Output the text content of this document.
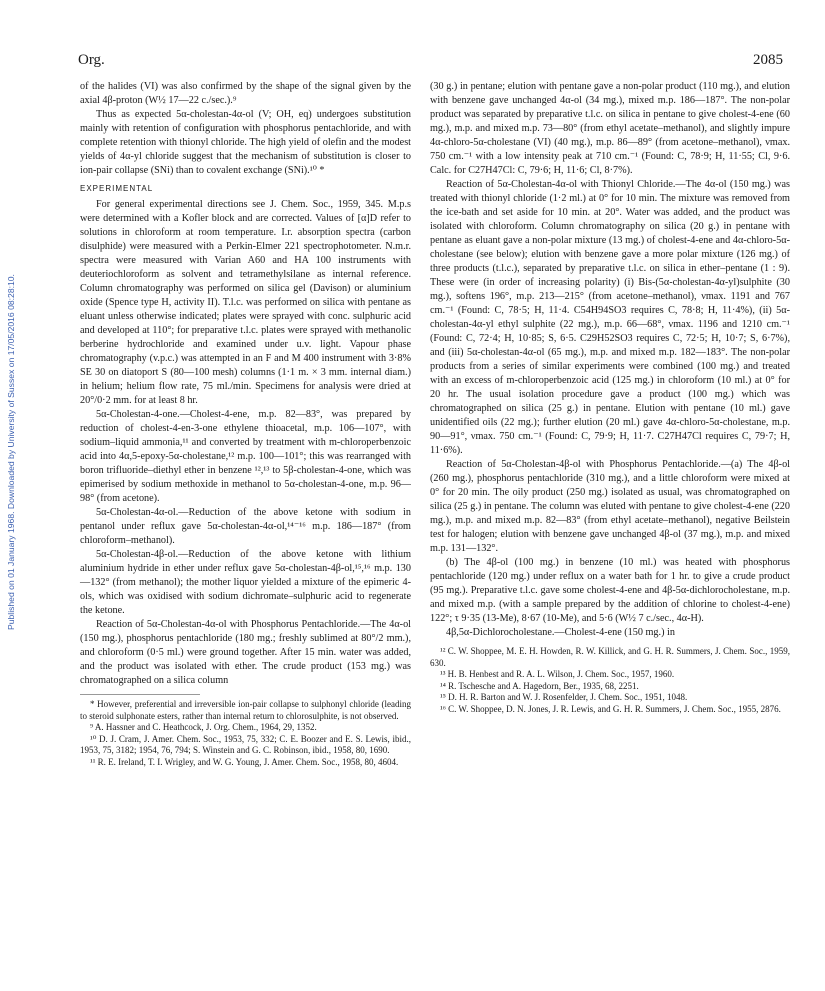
Org.	2085
Published on 01 January 1968. Downloaded by University of Sussex on 17/05/2016 08:28:10.

of the halides (VI) was also confirmed by the shape of the signal given by the axial 4β-proton (W½ 17—22 c./sec.).⁹

Thus as expected 5α-cholestan-4α-ol (V; OH, eq) undergoes substitution mainly with retention of configuration with phosphorus pentachloride, and with complete retention with thionyl chloride. The high yield of olefin and the modest yields of 4α-yl chloride suggest that the mechanism of substitution is closer to ion-pair collapse (SNi) than to covalent exchange (SNi).¹⁰ *

EXPERIMENTAL

For general experimental directions see J. Chem. Soc., 1959, 345. M.p.s were determined with a Kofler block and are corrected. Values of [α]D refer to solutions in chloroform at room temperature. I.r. absorption spectra (carbon disulphide) were measured with a Perkin-Elmer 221 spectrophotometer. N.m.r. spectra were measured with Varian A60 and HA 100 instruments with deuteriochloroform as solvent and tetramethylsilane as internal reference. Column chromatography was performed on silica gel (Davison) or aluminium oxide (Spence type H, activity II). T.l.c. was performed on silica with pentane as eluant unless otherwise indicated; plates were sprayed with conc. sulphuric acid and developed at 110°; for preparative t.l.c. plates were sprayed with methanolic berberine hydrochloride and examined under u.v. light. Vapour phase chromatography (v.p.c.) was attempted in an F and M 400 instrument with 3·8% SE 30 on diatoport S (80—100 mesh) columns (1·1 m. × 3 mm. internal diam.) in helium; helium flow rate, 75 ml./min. Specimens for analysis were dried at 20°/0·2 mm. for at least 8 hr.

5α-Cholestan-4-one.—Cholest-4-ene, m.p. 82—83°, was prepared by reduction of cholest-4-en-3-one ethylene thioacetal, m.p. 106—107°, with sodium–liquid ammonia,¹¹ and converted by treatment with m-chloroperbenzoic acid into 4α,5-epoxy-5α-cholestane,¹² m.p. 100—101°; this was rearranged with boron trifluoride–diethyl ether in benzene ¹²,¹³ to 5β-cholestan-4-one, which was epimerised by sodium methoxide in methanol to 5α-cholestan-4-one, m.p. 96—98° (from acetone).

5α-Cholestan-4α-ol.—Reduction of the above ketone with sodium in pentanol under reflux gave 5α-cholestan-4α-ol,¹⁴⁻¹⁶ m.p. 186—187° (from chloroform–methanol).

5α-Cholestan-4β-ol.—Reduction of the above ketone with lithium aluminium hydride in ether under reflux gave 5α-cholestan-4β-ol,¹⁵,¹⁶ m.p. 130—132° (from methanol); the mother liquor yielded a mixture of the epimeric 4-ols, which was oxidised with sodium dichromate–sulphuric acid to regenerate the ketone.

Reaction of 5α-Cholestan-4α-ol with Phosphorus Pentachloride.—The 4α-ol (150 mg.), phosphorus pentachloride (180 mg.; freshly sublimed at 80°/2 mm.), and chloroform (0·5 ml.) were ground together. After 15 min. water was added, and the product was isolated with ether. The crude product (153 mg.) was chromatographed on a silica column

* However, preferential and irreversible ion-pair collapse to sulphonyl chloride (leading to steroid sulphonate esters, rather than internal return to chlorosulphite, is not observed.

⁹ A. Hassner and C. Heathcock, J. Org. Chem., 1964, 29, 1352.

¹⁰ D. J. Cram, J. Amer. Chem. Soc., 1953, 75, 332; C. E. Boozer and E. S. Lewis, ibid., 1953, 75, 3182; 1954, 76, 794; S. Winstein and G. C. Robinson, ibid., 1958, 80, 1690.

¹¹ R. E. Ireland, T. I. Wrigley, and W. G. Young, J. Amer. Chem. Soc., 1958, 80, 4604.

(30 g.) in pentane; elution with pentane gave a non-polar product (110 mg.), and elution with benzene gave unchanged 4α-ol (34 mg.), mixed m.p. 186—187°. The non-polar product was separated by preparative t.l.c. on silica in pentane to give cholest-4-ene (60 mg.), m.p. and mixed m.p. 73—80° (from ethyl acetate–methanol), and slightly impure 4α-chloro-5α-cholestane (VI) (40 mg.), m.p. 86—89° (from acetone–methanol), νmax. 750 cm.⁻¹ with a low intensity peak at 710 cm.⁻¹ (Found: C, 78·9; H, 11·55; Cl, 9·6. Calc. for C27H47Cl: C, 79·6; H, 11·6; Cl, 8·7%).

Reaction of 5α-Cholestan-4α-ol with Thionyl Chloride.—The 4α-ol (150 mg.) was treated with thionyl chloride (1·2 ml.) at 0° for 10 min. The mixture was removed from the ice-bath and set aside for 10 min. at 20°. Water was added, and the product was isolated with chloroform. Column chromatography on silica (20 g.) in pentane with pentane as eluant gave a non-polar mixture (13 mg.) of cholest-4-ene and 4α-chloro-5α-cholestane (see below); elution with benzene gave a more polar mixture (126 mg.) of three products (t.l.c.), separated by preparative t.l.c. on silica in ether–pentane (1 : 9). These were (in order of increasing polarity) (i) Bis-(5α-cholestan-4α-yl)sulphite (30 mg.), softens 196°, m.p. 213—215° (from acetone–methanol), νmax. 1191 and 767 cm.⁻¹ (Found: C, 78·5; H, 11·4. C54H94SO3 requires C, 78·8; H, 11·4%), (ii) 5α-cholestan-4α-yl ethyl sulphite (22 mg.), m.p. 66—68°, νmax. 1196 and 1210 cm.⁻¹ (Found: C, 72·4; H, 10·85; S, 6·5. C29H52SO3 requires C, 72·5; H, 10·7; S, 6·7%), and (iii) 5α-cholestan-4α-ol (65 mg.), m.p. and mixed m.p. 182—183°. The non-polar products from a series of similar experiments were combined (100 mg.) and treated with an excess of m-chloroperbenzoic acid (125 mg.) in chloroform (10 ml.) at 0° for 20 hr. The usual isolation procedure gave a product (100 mg.) which was chromatographed on silica (25 g.) in pentane. Elution with pentane (10 ml.) gave unidentified oils (22 mg.); further elution (20 ml.) gave 4α-chloro-5α-cholestane, m.p. 90—91°, νmax. 750 cm.⁻¹ (Found: C, 79·9; H, 11·7. C27H47Cl requires C, 79·7; H, 11·6%).

Reaction of 5α-Cholestan-4β-ol with Phosphorus Pentachloride.—(a) The 4β-ol (260 mg.), phosphorus pentachloride (310 mg.), and a little chloroform were mixed at 0° for 20 min. The oily product (250 mg.) isolated as usual, was chromatographed on silica (25 g.) in pentane. The column was eluted with pentane to give cholest-4-ene (220 mg.), m.p. and mixed m.p. 82—83° (from ethyl acetate–methanol), negative Beilstein test for halogen; elution with benzene gave unchanged 4β-ol (37 mg.), m.p. and mixed m.p. 131—132°.

(b) The 4β-ol (100 mg.) in benzene (10 ml.) was heated with phosphorus pentachloride (120 mg.) under reflux on a water bath for 1 hr. to give a crude product (95 mg.). Preparative t.l.c. gave some cholest-4-ene and 4β-5α-dichlorocholestane, m.p. and mixed m.p. (with a sample prepared by the addition of chlorine to cholest-4-ene) 122°; τ 9·35 (13-Me), 8·67 (10-Me), and 5·6 (W½ 7 c./sec., 4α-H).

4β,5α-Dichlorocholestane.—Cholest-4-ene (150 mg.) in

¹² C. W. Shoppee, M. E. H. Howden, R. W. Killick, and G. H. R. Summers, J. Chem. Soc., 1959, 630.

¹³ H. B. Henbest and R. A. L. Wilson, J. Chem. Soc., 1957, 1960.

¹⁴ R. Tschesche and A. Hagedorn, Ber., 1935, 68, 2251.

¹⁵ D. H. R. Barton and W. J. Rosenfelder, J. Chem. Soc., 1951, 1048.

¹⁶ C. W. Shoppee, D. N. Jones, J. R. Lewis, and G. H. R. Summers, J. Chem. Soc., 1955, 2876.
